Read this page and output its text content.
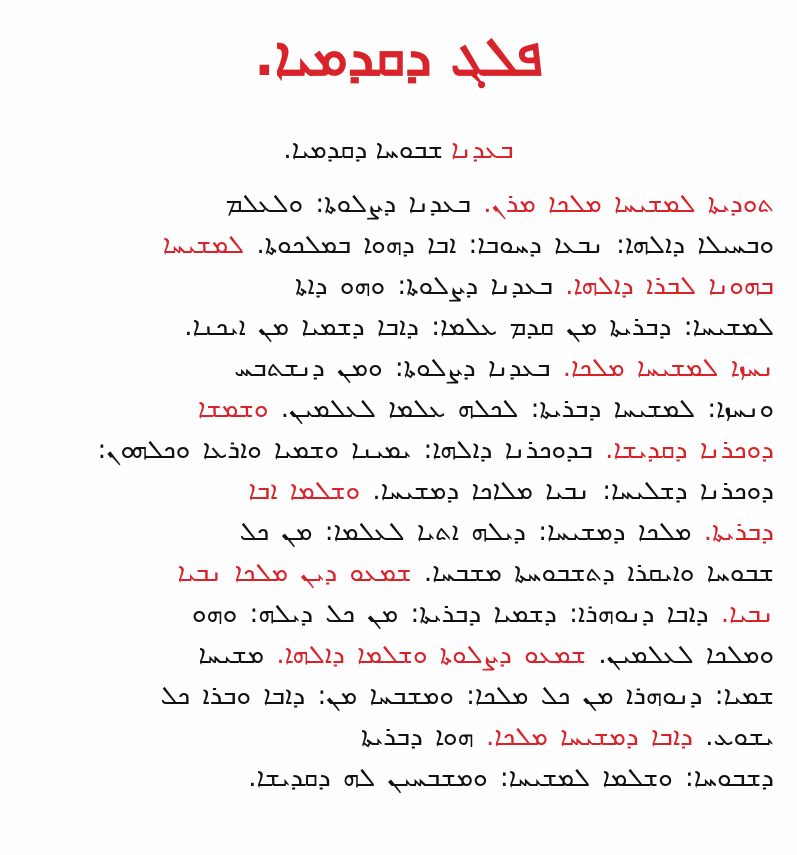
ܦܠܓ ܕܩܕܡܝܐ.
ܒܥܕܢܐ ܫܒܘܚܐ ܕܩܕܡܝܐ.
ܬܘܕܝܬܐ ܠܡܫܝܚܐ ܡܠܟܐ ܡܪܢ. ܒܥܕܢܐ ܕܨܠܘܬܐ: ܘܠܥܠܡ
ܘܒܚܝܠܐ ܕܐܠܗܐ: ܢܒܥܐ ܕܚܘܒܐ: ܐܒܐ ܕܗܘܐ ܒܡܠܟܘܬܐ. ܠܡܫܝܚܐ
ܒܗܘܢܐ ܠܒܪܐ ܕܐܠܗܐ. ܒܥܕܢܐ ܕܨܠܘܬܐ: ܘܗܘ ܕܐܬܐ
ܠܡܫܝܚܐ: ܕܒܪܝܬܐ ܡܢ ܩܕܡ ܥܠܡܐ: ܕܐܒܐ ܕܫܡܝܐ ܡܢ ܐܝܟܢܐ.
ܢܚܙܐ ܠܡܫܝܚܐ ܡܠܟܐ. ܒܥܕܢܐ ܕܨܠܘܬܐ: ܘܡܢ ܕܢܫܬܒܚ
ܘܢܚܙܐ: ܠܡܫܝܚܐ ܕܒܪܝܬܐ: ܠܟܠܗ ܥܠܡܐ ܠܥܠܡܝܢ. ܘܫܡܫܐ
ܕܘܟܪܢܐ ܕܩܕܝܫܐ. ܒܕܘܟܪܢܐ ܕܐܠܗܐ: ܝܡܝܢܐ ܘܫܡܝܐ ܘܐܪܥܐ ܘܟܠܗܘܢ:
ܕܘܟܪܢܐ ܕܫܠܝܚܐ: ܢܒܝܐ ܡܠܐܟܐ ܕܡܫܝܚܐ. ܘܫܠܡܐ ܐܒܐ
ܕܒܪܝܬܐ. ܡܠܟܐ ܕܡܫܝܚܐ: ܕܝܠܗ ܐܬܝܐ ܠܥܠܡܐ: ܡܢ ܟܠ
ܫܒܘܚܐ ܘܐܝܩܪܐ ܕܬܫܒܘܚܬܐ ܡܫܒܚܐ. ܫܡܥܘ ܕܝܢ ܡܠܟܐ ܢܒܝܐ
ܢܒܝܐ. ܕܐܒܐ ܕܢܘܗܪܐ: ܕܫܡܝܐ ܕܒܪܝܬܐ: ܡܢ ܟܠ ܕܝܠܗ: ܘܗܘ
ܘܡܠܟܐ ܠܥܠܡܝܢ. ܫܡܥܘ ܕܨܠܘܬܐ ܘܫܠܡܐ ܕܐܠܗܐ. ܡܫܝܚܐ
ܫܡܝܐ: ܕܢܘܗܪܐ ܡܢ ܟܠ ܡܠܟܐ: ܘܡܫܒܚܐ ܡܢ: ܕܐܒܐ ܘܒܪܐ ܟܠ
ܝܫܘܥ. ܕܐܒܐ ܕܡܫܝܚܐ ܡܠܟܐ. ܗܘܐ ܕܒܪܝܬܐ
ܕܫܒܘܚܐ: ܘܫܠܡܐ ܠܡܫܝܚܐ: ܘܡܫܒܚܝܢ ܠܗ ܕܩܕܝܫܐ.
